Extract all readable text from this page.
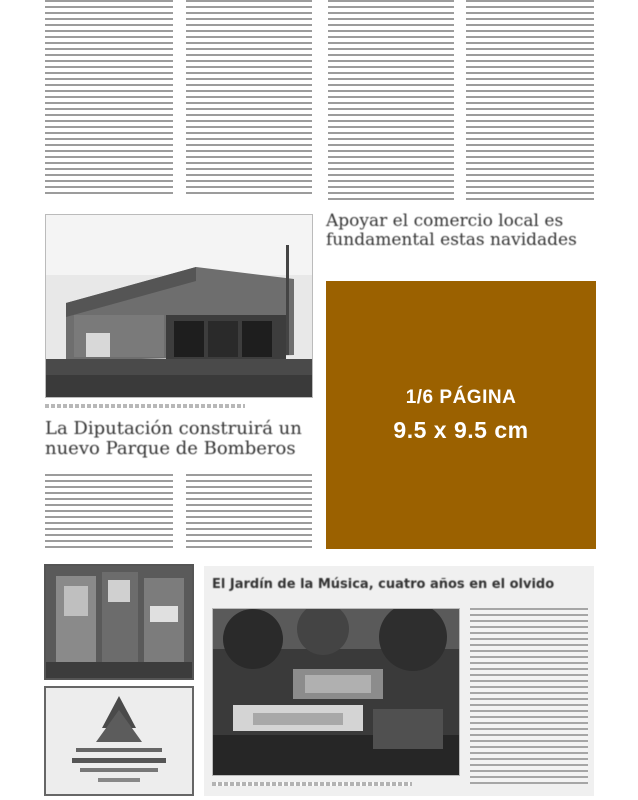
Apoyar el comercio local es fundamental estas navidades
1/6 PÁGINA
9.5 x 9.5 cm
La Diputación construirá un nuevo Parque de Bomberos
El Jardín de la Música, cuatro años en el olvido
